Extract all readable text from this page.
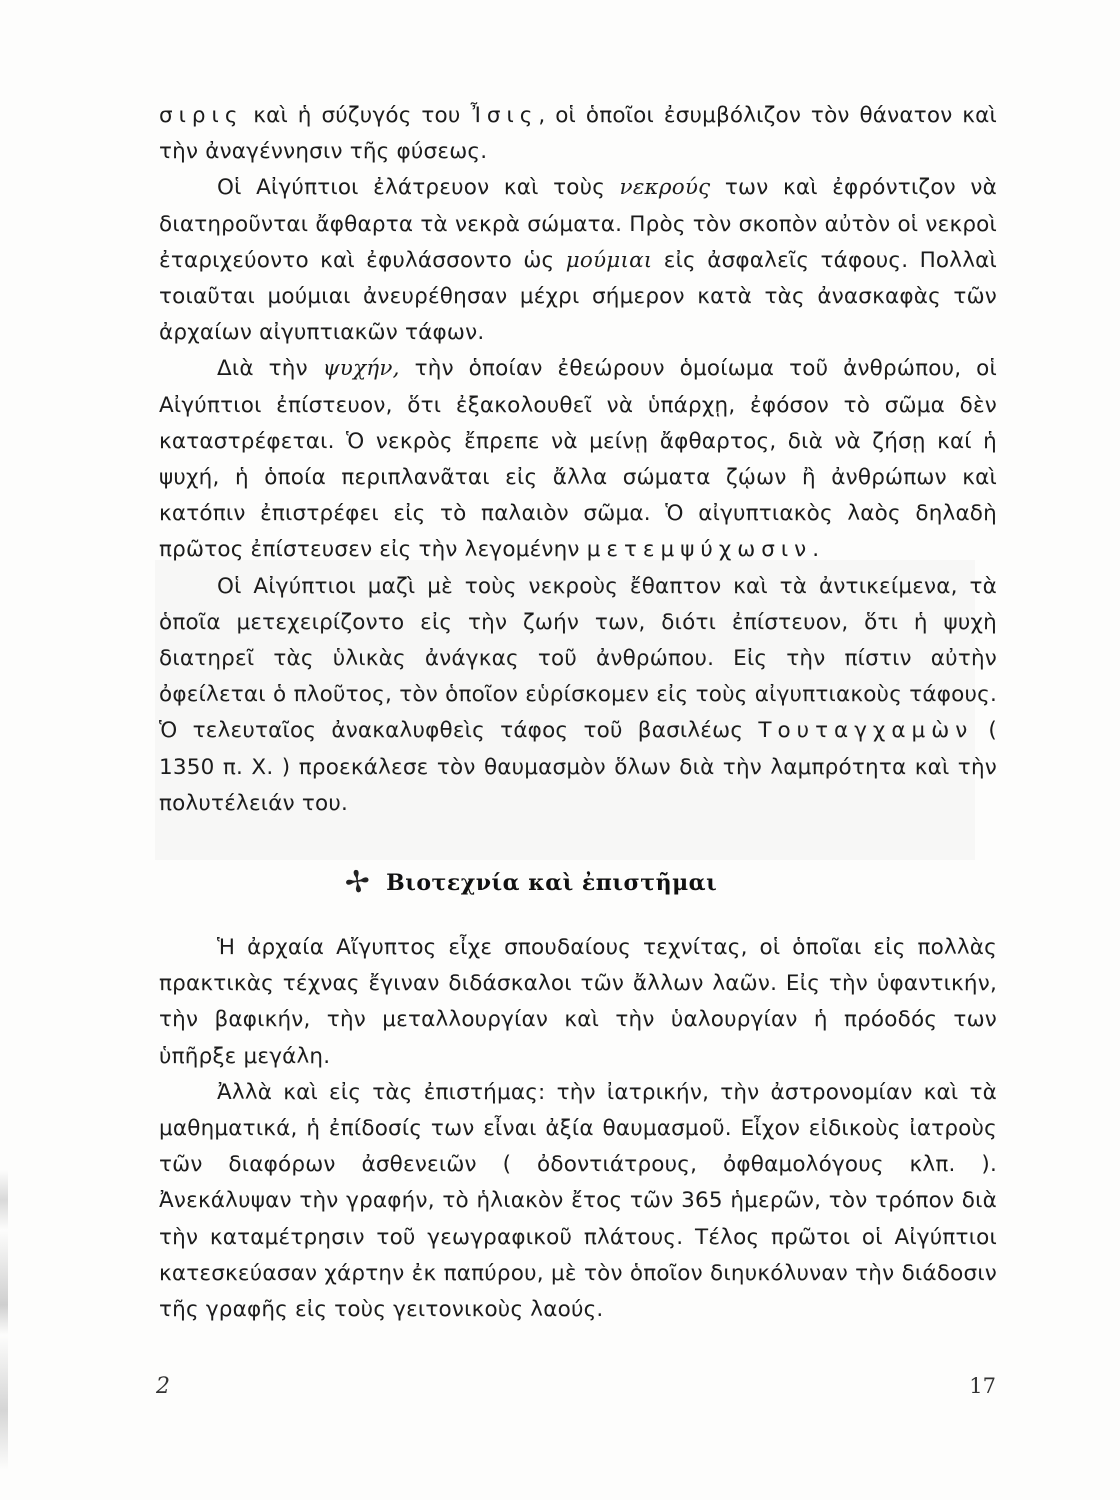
σιρις καὶ ἡ σύζυγός του Ἶσις, οἱ ὁποῖοι ἐσυμβόλιζον τὸν θάνατον καὶ τὴν ἀναγέννησιν τῆς φύσεως.

Οἱ Αἰγύπτιοι ἐλάτρευον καὶ τοὺς νεκρούς των καὶ ἐφρόντιζον νὰ διατηροῦνται ἄφθαρτα τὰ νεκρὰ σώματα. Πρὸς τὸν σκοπὸν αὐτὸν οἱ νεκροὶ ἐταριχεύοντο καὶ ἐφυλάσσοντο ὡς μούμιαι εἰς ἀσφαλεῖς τάφους. Πολλαὶ τοιαῦται μούμιαι ἀνευρέθησαν μέχρι σήμερον κατὰ τὰς ἀνασκαφὰς τῶν ἀρχαίων αἰγυπτιακῶν τάφων.

Διὰ τὴν ψυχήν, τὴν ὁποίαν ἐθεώρουν ὁμοίωμα τοῦ ἀνθρώπου, οἱ Αἰγύπτιοι ἐπίστευον, ὅτι ἐξακολουθεῖ νὰ ὑπάρχῃ, ἐφόσον τὸ σῶμα δὲν καταστρέφεται. Ὁ νεκρὸς ἔπρεπε νὰ μείνῃ ἄφθαρτος, διὰ νὰ ζήσῃ καί ἡ ψυχή, ἡ ὁποία περιπλανᾶται εἰς ἄλλα σώματα ζῴων ἢ ἀνθρώπων καὶ κατόπιν ἐπιστρέφει εἰς τὸ παλαιὸν σῶμα. Ὁ αἰγυπτιακὸς λαὸς δηλαδὴ πρῶτος ἐπίστευσεν εἰς τὴν λεγομένην μετεμψύχωσιν.

Οἱ Αἰγύπτιοι μαζὶ μὲ τοὺς νεκροὺς ἔθαπτον καὶ τὰ ἀντικείμενα, τὰ ὁποῖα μετεχειρίζοντο εἰς τὴν ζωήν των, διότι ἐπίστευον, ὅτι ἡ ψυχὴ διατηρεῖ τὰς ὑλικὰς ἀνάγκας τοῦ ἀνθρώπου. Εἰς τὴν πίστιν αὐτὴν ὀφείλεται ὁ πλοῦτος, τὸν ὁποῖον εὑρίσκομεν εἰς τοὺς αἰγυπτιακοὺς τάφους. Ὁ τελευταῖος ἀνακαλυφθεὶς τάφος τοῦ βασιλέως Τουταγχαμὼν ( 1350 π. Χ. ) προεκάλεσε τὸν θαυμασμὸν ὅλων διὰ τὴν λαμπρότητα καὶ τὴν πολυτέλειάν του.

✢ Βιοτεχνία καὶ ἐπιστῆμαι

Ἡ ἀρχαία Αἴγυπτος εἶχε σπουδαίους τεχνίτας, οἱ ὁποῖαι εἰς πολλὰς πρακτικὰς τέχνας ἔγιναν διδάσκαλοι τῶν ἄλλων λαῶν. Εἰς τὴν ὑφαντικήν, τὴν βαφικήν, τὴν μεταλλουργίαν καὶ τὴν ὑαλουργίαν ἡ πρόοδός των ὑπῆρξε μεγάλη.

Ἀλλὰ καὶ εἰς τὰς ἐπιστήμας: τὴν ἰατρικήν, τὴν ἀστρονομίαν καὶ τὰ μαθηματικά, ἡ ἐπίδοσίς των εἶναι ἀξία θαυμασμοῦ. Εἶχον εἰδικοὺς ἰατροὺς τῶν διαφόρων ἀσθενειῶν ( ὀδοντιάτρους, ὀφθαμολόγους κλπ. ). Ἀνεκάλυψαν τὴν γραφήν, τὸ ἡλιακὸν ἔτος τῶν 365 ἡμερῶν, τὸν τρόπον διὰ τὴν καταμέτρησιν τοῦ γεωγραφικοῦ πλάτους. Τέλος πρῶτοι οἱ Αἰγύπτιοι κατεσκεύασαν χάρτην ἐκ παπύρου, μὲ τὸν ὁποῖον διηυκόλυναν τὴν διάδοσιν τῆς γραφῆς εἰς τοὺς γειτονικοὺς λαούς.

2	17
